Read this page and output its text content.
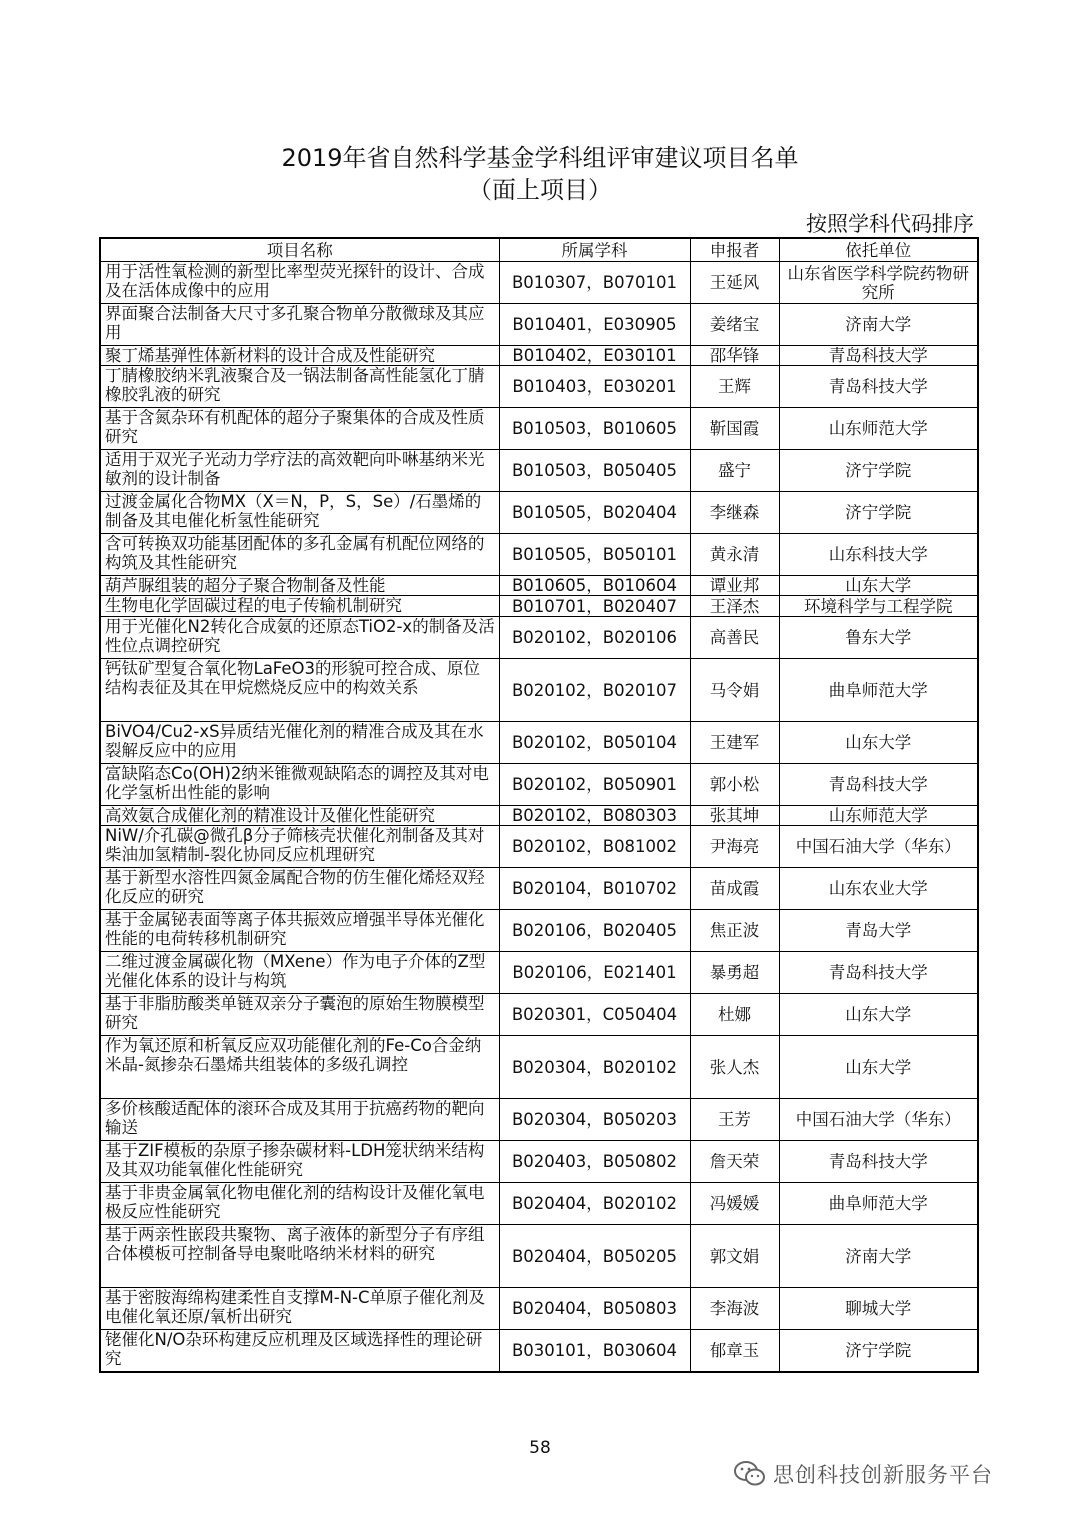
2019年省自然科学基金学科组评审建议项目名单
（面上项目）
按照学科代码排序
项目名称	所属学科	申报者	依托单位

用于活性氧检测的新型比率型荧光探针的设计、合成及在活体成像中的应用	B010307，B070101	王延风	山东省医学科学院药物研究所

界面聚合法制备大尺寸多孔聚合物单分散微球及其应用	B010401，E030905	姜绪宝	济南大学

聚丁烯基弹性体新材料的设计合成及性能研究	B010402，E030101	邵华锋	青岛科技大学

丁腈橡胶纳米乳液聚合及一锅法制备高性能氢化丁腈橡胶乳液的研究	B010403，E030201	王辉	青岛科技大学

基于含氮杂环有机配体的超分子聚集体的合成及性质研究	B010503，B010605	靳国霞	山东师范大学

适用于双光子光动力学疗法的高效靶向卟啉基纳米光敏剂的设计制备	B010503，B050405	盛宁	济宁学院

过渡金属化合物MX（X＝N，P，S，Se）/石墨烯的制备及其电催化析氢性能研究	B010505，B020404	李继森	济宁学院

含可转换双功能基团配体的多孔金属有机配位网络的构筑及其性能研究	B010505，B050101	黄永清	山东科技大学

葫芦脲组装的超分子聚合物制备及性能	B010605，B010604	谭业邦	山东大学

生物电化学固碳过程的电子传输机制研究	B010701，B020407	王泽杰	环境科学与工程学院

用于光催化N2转化合成氨的还原态TiO2-x的制备及活性位点调控研究	B020102，B020106	高善民	鲁东大学

钙钛矿型复合氧化物LaFeO3的形貌可控合成、原位结构表征及其在甲烷燃烧反应中的构效关系	B020102，B020107	马令娟	曲阜师范大学

BiVO4/Cu2-xS异质结光催化剂的精准合成及其在水裂解反应中的应用	B020102，B050104	王建军	山东大学

富缺陷态Co(OH)2纳米锥微观缺陷态的调控及其对电化学氢析出性能的影响	B020102，B050901	郭小松	青岛科技大学

高效氨合成催化剂的精准设计及催化性能研究	B020102，B080303	张其坤	山东师范大学

NiW/介孔碳@微孔β分子筛核壳状催化剂制备及其对柴油加氢精制-裂化协同反应机理研究	B020102，B081002	尹海亮	中国石油大学（华东）

基于新型水溶性四氮金属配合物的仿生催化烯烃双羟化反应的研究	B020104，B010702	苗成霞	山东农业大学

基于金属铋表面等离子体共振效应增强半导体光催化性能的电荷转移机制研究	B020106，B020405	焦正波	青岛大学

二维过渡金属碳化物（MXene）作为电子介体的Z型光催化体系的设计与构筑	B020106，E021401	暴勇超	青岛科技大学

基于非脂肪酸类单链双亲分子囊泡的原始生物膜模型研究	B020301，C050404	杜娜	山东大学

作为氧还原和析氧反应双功能催化剂的Fe-Co合金纳米晶-氮掺杂石墨烯共组装体的多级孔调控	B020304，B020102	张人杰	山东大学

多价核酸适配体的滚环合成及其用于抗癌药物的靶向输送	B020304，B050203	王芳	中国石油大学（华东）

基于ZIF模板的杂原子掺杂碳材料-LDH笼状纳米结构及其双功能氧催化性能研究	B020403，B050802	詹天荣	青岛科技大学

基于非贵金属氧化物电催化剂的结构设计及催化氧电极反应性能研究	B020404，B020102	冯媛媛	曲阜师范大学

基于两亲性嵌段共聚物、离子液体的新型分子有序组合体模板可控制备导电聚吡咯纳米材料的研究	B020404，B050205	郭文娟	济南大学

基于密胺海绵构建柔性自支撑M-N-C单原子催化剂及电催化氧还原/氧析出研究	B020404，B050803	李海波	聊城大学

铑催化N/O杂环构建反应机理及区域选择性的理论研究	B030101，B030604	郁章玉	济宁学院
58
思创科技创新服务平台
